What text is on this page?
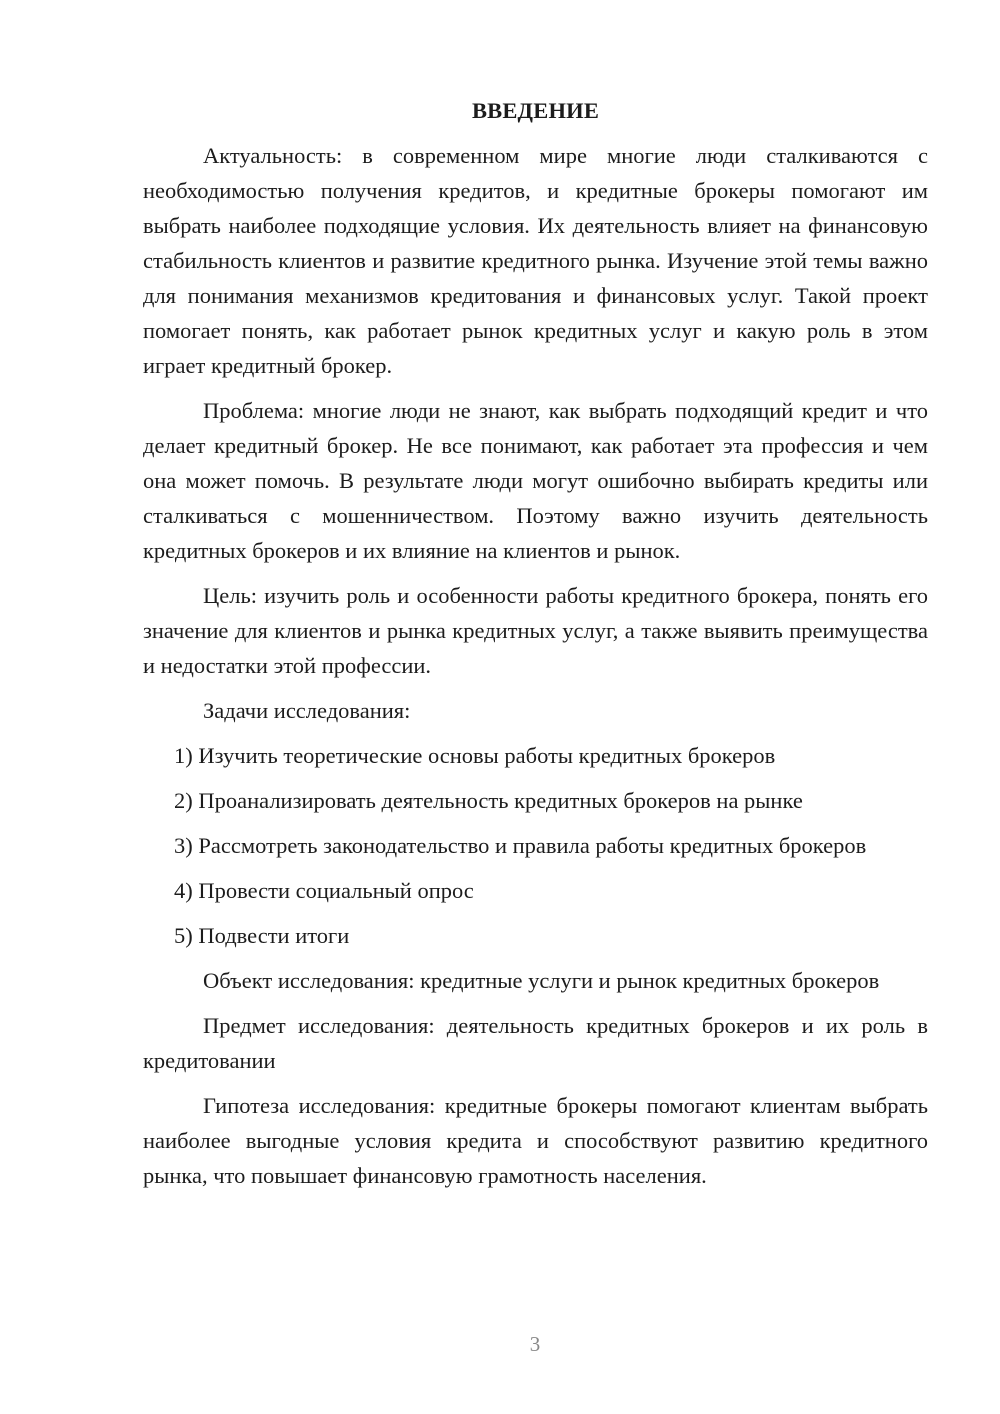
ВВЕДЕНИЕ

Актуальность: в современном мире многие люди сталкиваются с необходимостью получения кредитов, и кредитные брокеры помогают им выбрать наиболее подходящие условия. Их деятельность влияет на финансовую стабильность клиентов и развитие кредитного рынка. Изучение этой темы важно для понимания механизмов кредитования и финансовых услуг. Такой проект помогает понять, как работает рынок кредитных услуг и какую роль в этом играет кредитный брокер.

Проблема: многие люди не знают, как выбрать подходящий кредит и что делает кредитный брокер. Не все понимают, как работает эта профессия и чем она может помочь. В результате люди могут ошибочно выбирать кредиты или сталкиваться с мошенничеством. Поэтому важно изучить деятельность кредитных брокеров и их влияние на клиентов и рынок.

Цель: изучить роль и особенности работы кредитного брокера, понять его значение для клиентов и рынка кредитных услуг, а также выявить преимущества и недостатки этой профессии.

Задачи исследования:

1) Изучить теоретические основы работы кредитных брокеров

2) Проанализировать деятельность кредитных брокеров на рынке

3) Рассмотреть законодательство и правила работы кредитных брокеров

4) Провести социальный опрос

5) Подвести итоги

Объект исследования: кредитные услуги и рынок кредитных брокеров

Предмет исследования: деятельность кредитных брокеров и их роль в кредитовании

Гипотеза исследования: кредитные брокеры помогают клиентам выбрать наиболее выгодные условия кредита и способствуют развитию кредитного рынка, что повышает финансовую грамотность населения.

3
